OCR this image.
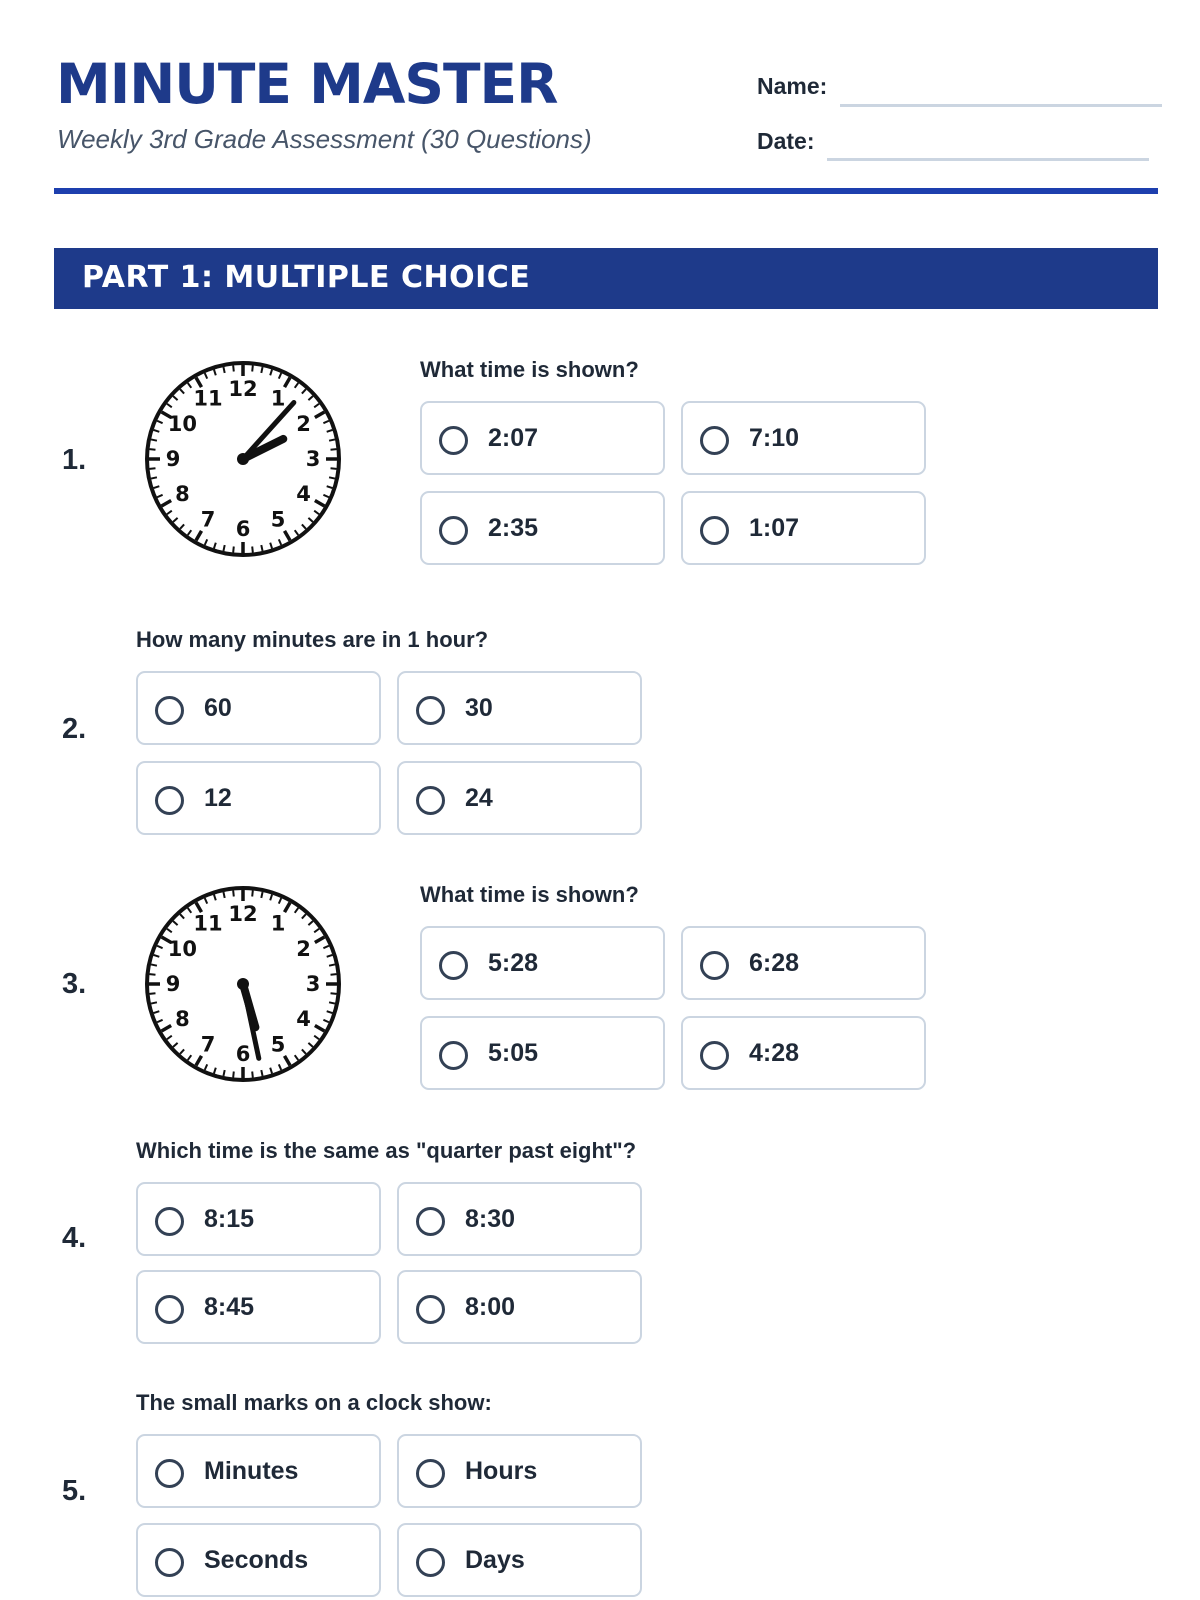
MINUTE MASTER
Weekly 3rd Grade Assessment (30 Questions)
Name:
Date:
PART 1: MULTIPLE CHOICE
1.
12 1
2
3
4
5
6
7
8
9
10
11
What time is shown?
2:07	7:10
2:35	1:07
2.
How many minutes are in 1 hour?
60	30
12	24
3.
12 1
2
3
4
5
6
7
8
9
10
11
What time is shown?
5:28	6:28
5:05	4:28
4.
Which time is the same as "quarter past eight"?
8:15	8:30
8:45	8:00
5.
The small marks on a clock show:
Minutes	Hours
Seconds	Days
